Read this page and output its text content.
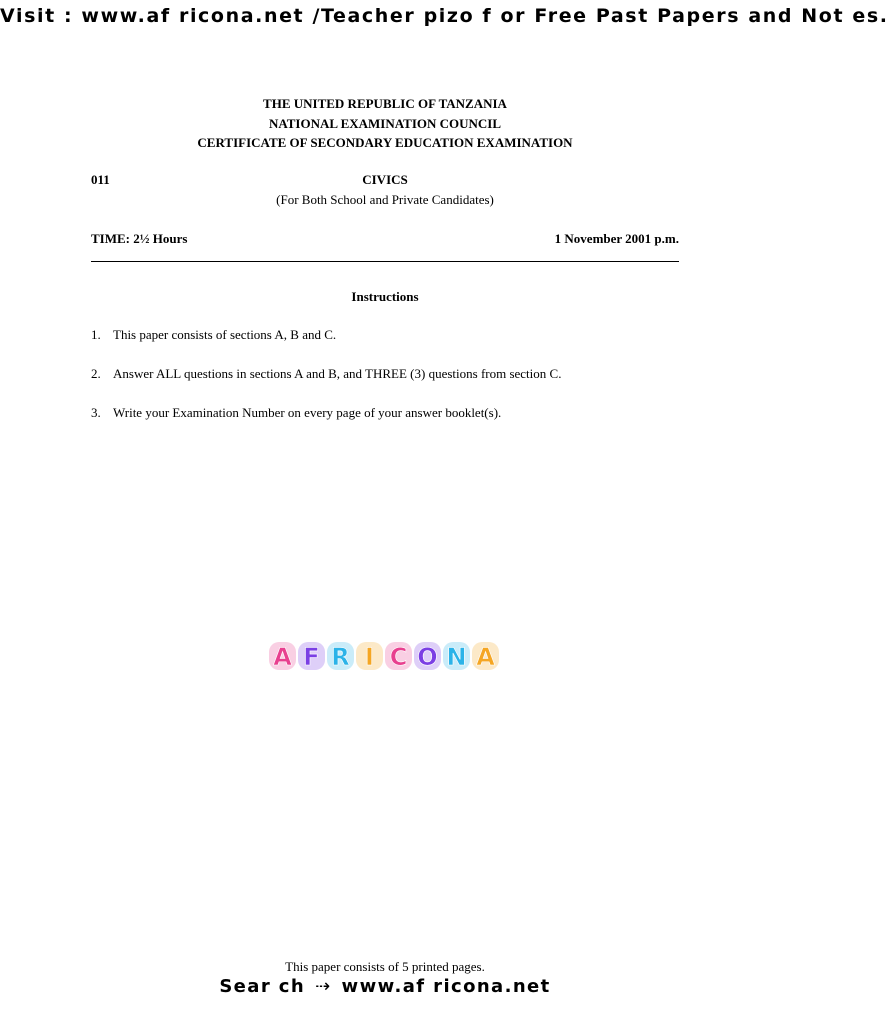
Visit : www.af ricona.net /Teacher pizo f or Free Past Papers and Not es.
THE UNITED REPUBLIC OF TANZANIA
NATIONAL EXAMINATION COUNCIL
CERTIFICATE OF SECONDARY EDUCATION EXAMINATION
011	CIVICS
(For Both School and Private Candidates)
TIME: 2½ Hours	1 November 2001 p.m.
Instructions
1. This paper consists of sections A, B and C.
2. Answer ALL questions in sections A and B, and THREE (3) questions from section C.
3. Write your Examination Number on every page of your answer booklet(s).
A F R I C O N A
This paper consists of 5 printed pages.
Sear ch ⇢ www.af ricona.net
